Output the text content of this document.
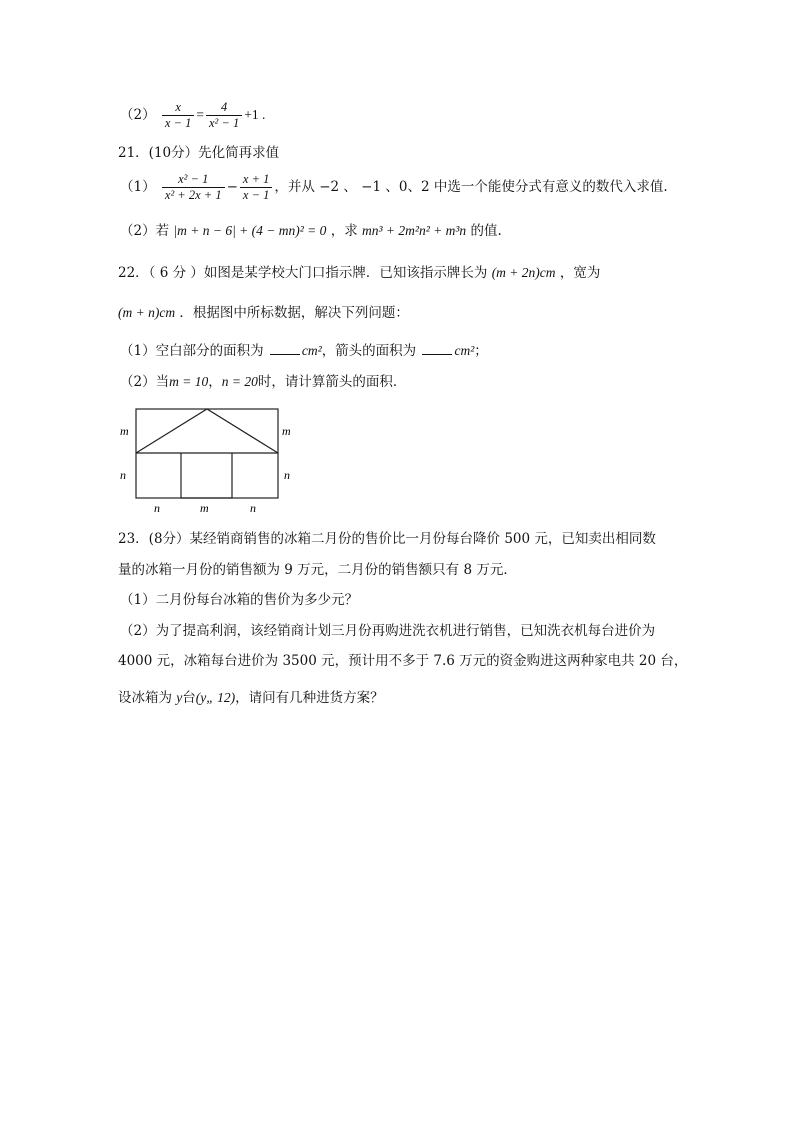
$(2) \frac{x}{x - 1} = \frac{4}{\text{x² − 1}} +1$ .
21．(10分）先化简再求值
$(1) \frac{\text{x² − 1}}{\text{x² + 2x + 1}} - \frac{x + 1}{x - 1}$ ，并从 −2 、 −1 、0、2 中选一个能使分式有意义的数代入求值.
（2）若 |m + n − 6| + (4 − mn)² = 0 ，求 mn³ + 2m²n² + m³n 的值.
22．（ 6 分 ）如图是某学校大门口指示牌．已知该指示牌长为 (m + 2n)cm ，宽为
(m + n)cm ．根据图中所标数据，解决下列问题：
（1）空白部分的面积为	cm²，箭头的面积为	cm²；
（2）当m = 10，n = 20时，请计算箭头的面积．
m	m
n	n
n	m	n
23．(8分）某经销商销售的冰箱二月份的售价比一月份每台降价 500 元，已知卖出相同数
量的冰箱一月份的销售额为 9 万元，二月份的销售额只有 8 万元．
（1）二月份每台冰箱的售价为多少元？
（2）为了提高利润，该经销商计划三月份再购进洗衣机进行销售，已知洗衣机每台进价为
4000 元，冰箱每台进价为 3500 元，预计用不多于 7.6 万元的资金购进这两种家电共 20 台，
设冰箱为 y台(y„ 12)，请问有几种进货方案？
